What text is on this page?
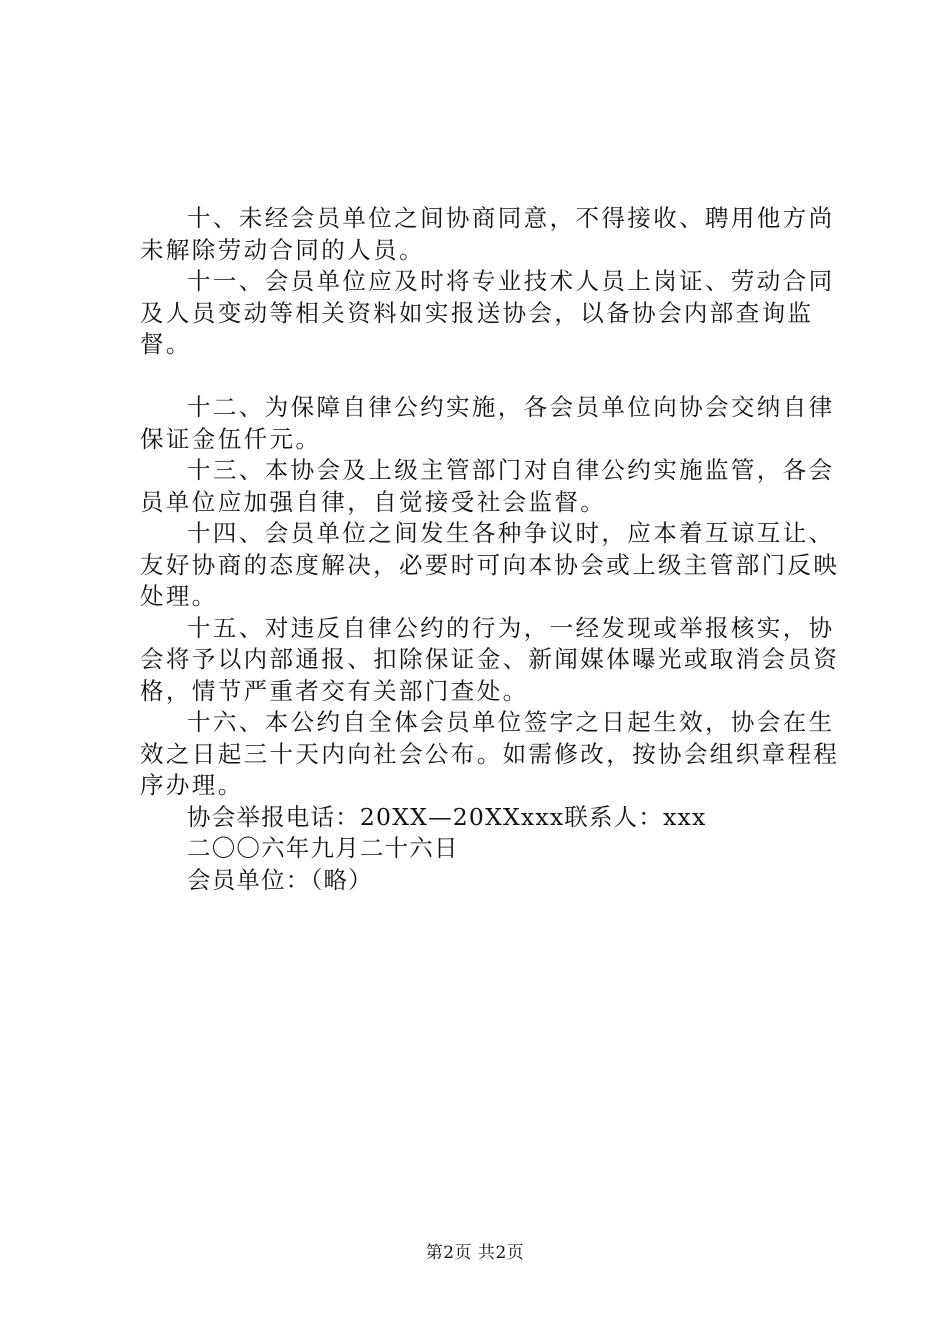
十、未经会员单位之间协商同意，不得接收、聘用他方尚未解除劳动合同的人员。

十一、会员单位应及时将专业技术人员上岗证、劳动合同及人员变动等相关资料如实报送协会，以备协会内部查询监督。

十二、为保障自律公约实施，各会员单位向协会交纳自律保证金伍仟元。

十三、本协会及上级主管部门对自律公约实施监管，各会员单位应加强自律，自觉接受社会监督。

十四、会员单位之间发生各种争议时，应本着互谅互让、友好协商的态度解决，必要时可向本协会或上级主管部门反映处理。

十五、对违反自律公约的行为，一经发现或举报核实，协会将予以内部通报、扣除保证金、新闻媒体曝光或取消会员资格，情节严重者交有关部门查处。

十六、本公约自全体会员单位签字之日起生效，协会在生效之日起三十天内向社会公布。如需修改，按协会组织章程程序办理。

协会举报电话：20XX—20XXxxx联系人：xxx

二〇〇六年九月二十六日

会员单位：（略）

第2页 共2页
